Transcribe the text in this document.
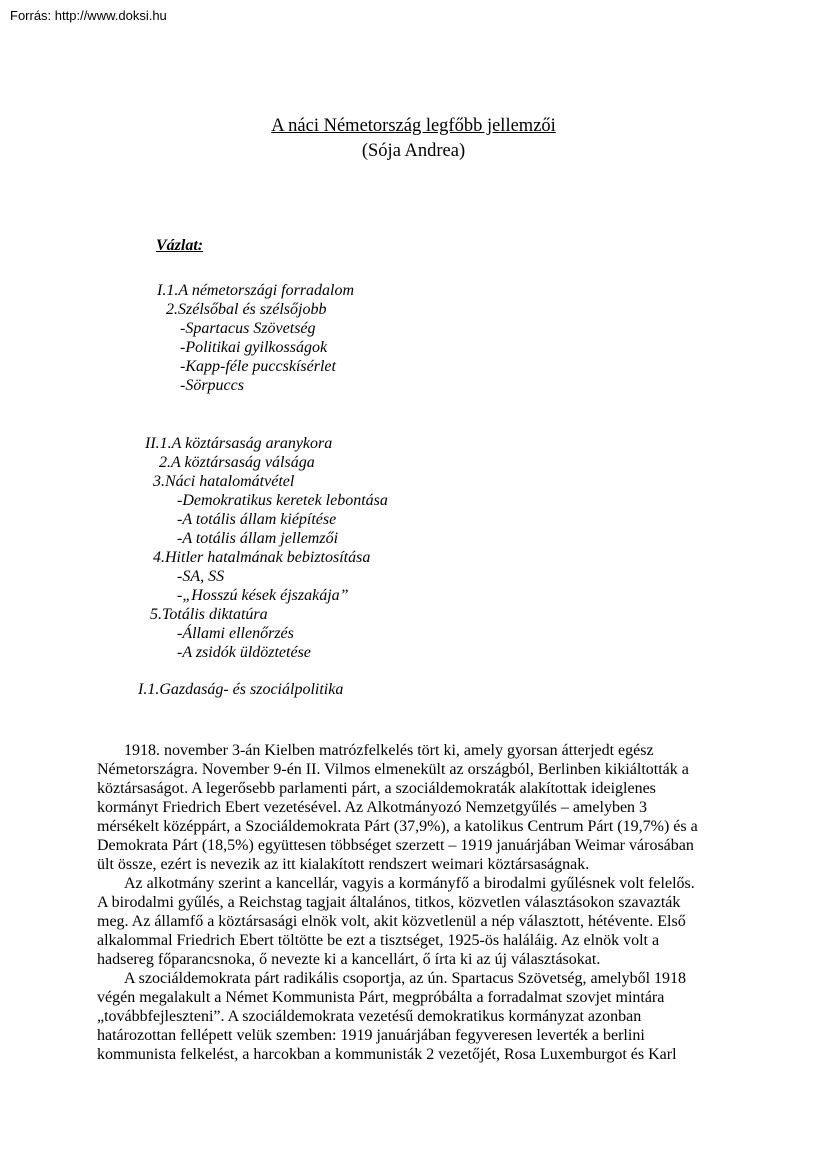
Forrás: http://www.doksi.hu
A náci Németország legfőbb jellemzői
(Sója Andrea)
Vázlat:
I.1.A németországi forradalom
2.Szélsőbal és szélsőjobb
-Spartacus Szövetség
-Politikai gyilkosságok
-Kapp-féle puccskísérlet
-Sörpuccs
II.1.A köztársaság aranykora
2.A köztársaság válsága
3.Náci hatalomátvétel
-Demokratikus keretek lebontása
-A totális állam kiépítése
-A totális állam jellemzői
4.Hitler hatalmának bebiztosítása
-SA, SS
-„Hosszú kések éjszakája”
5.Totális diktatúra
-Állami ellenőrzés
-A zsidók üldöztetése
I.1.Gazdaság- és szociálpolitika
1918. november 3-án Kielben matrózfelkelés tört ki, amely gyorsan átterjedt egész
Németországra. November 9-én II. Vilmos elmenekült az országból, Berlinben kikiáltották a
köztársaságot. A legerősebb parlamenti párt, a szociáldemokraták alakítottak ideiglenes
kormányt Friedrich Ebert vezetésével. Az Alkotmányozó Nemzetgyűlés – amelyben 3
mérsékelt középpárt, a Szociáldemokrata Párt (37,9%), a katolikus Centrum Párt (19,7%) és a
Demokrata Párt (18,5%) együttesen többséget szerzett – 1919 januárjában Weimar városában
ült össze, ezért is nevezik az itt kialakított rendszert weimari köztársaságnak.
Az alkotmány szerint a kancellár, vagyis a kormányfő a birodalmi gyűlésnek volt felelős.
A birodalmi gyűlés, a Reichstag tagjait általános, titkos, közvetlen választásokon szavazták
meg. Az államfő a köztársasági elnök volt, akit közvetlenül a nép választott, hétévente. Első
alkalommal Friedrich Ebert töltötte be ezt a tisztséget, 1925-ös haláláig. Az elnök volt a
hadsereg főparancsnoka, ő nevezte ki a kancellárt, ő írta ki az új választásokat.
A szociáldemokrata párt radikális csoportja, az ún. Spartacus Szövetség, amelyből 1918
végén megalakult a Német Kommunista Párt, megpróbálta a forradalmat szovjet mintára
„továbbfejleszteni”. A szociáldemokrata vezetésű demokratikus kormányzat azonban
határozottan fellépett velük szemben: 1919 januárjában fegyveresen leverték a berlini
kommunista felkelést, a harcokban a kommunisták 2 vezetőjét, Rosa Luxemburgot és Karl
